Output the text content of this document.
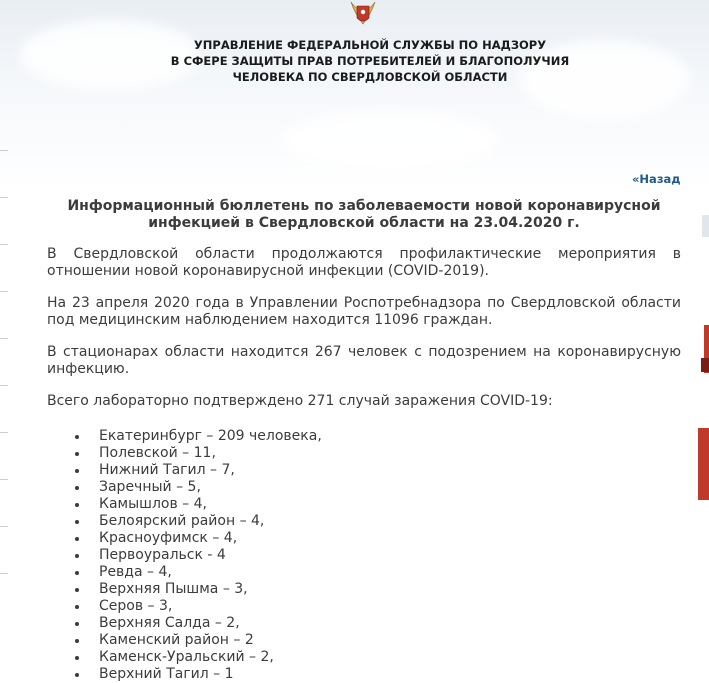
УПРАВЛЕНИЕ ФЕДЕРАЛЬНОЙ СЛУЖБЫ ПО НАДЗОРУ
В СФЕРЕ ЗАЩИТЫ ПРАВ ПОТРЕБИТЕЛЕЙ И БЛАГОПОЛУЧИЯ
ЧЕЛОВЕКА ПО СВЕРДЛОВСКОЙ ОБЛАСТИ
«Назад
Информационный бюллетень по заболеваемости новой коронавирусной
инфекцией в Свердловской области на 23.04.2020 г.

В Свердловской области продолжаются профилактические мероприятия в отношении новой коронавирусной инфекции (COVID-2019).

На 23 апреля 2020 года в Управлении Роспотребнадзора по Свердловской области под медицинским наблюдением находится 11096 граждан.

В стационарах области находится 267 человек с подозрением на коронавирусную инфекцию.

Всего лабораторно подтверждено 271 случай заражения COVID-19:

Екатеринбург – 209 человека,
Полевской – 11,
Нижний Тагил – 7,
Заречный – 5,
Камышлов – 4,
Белоярский район – 4,
Красноуфимск – 4,
Первоуральск - 4
Ревда – 4,
Верхняя Пышма – 3,
Серов – 3,
Верхняя Салда – 2,
Каменский район – 2
Каменск-Уральский – 2,
Верхний Тагил – 1
